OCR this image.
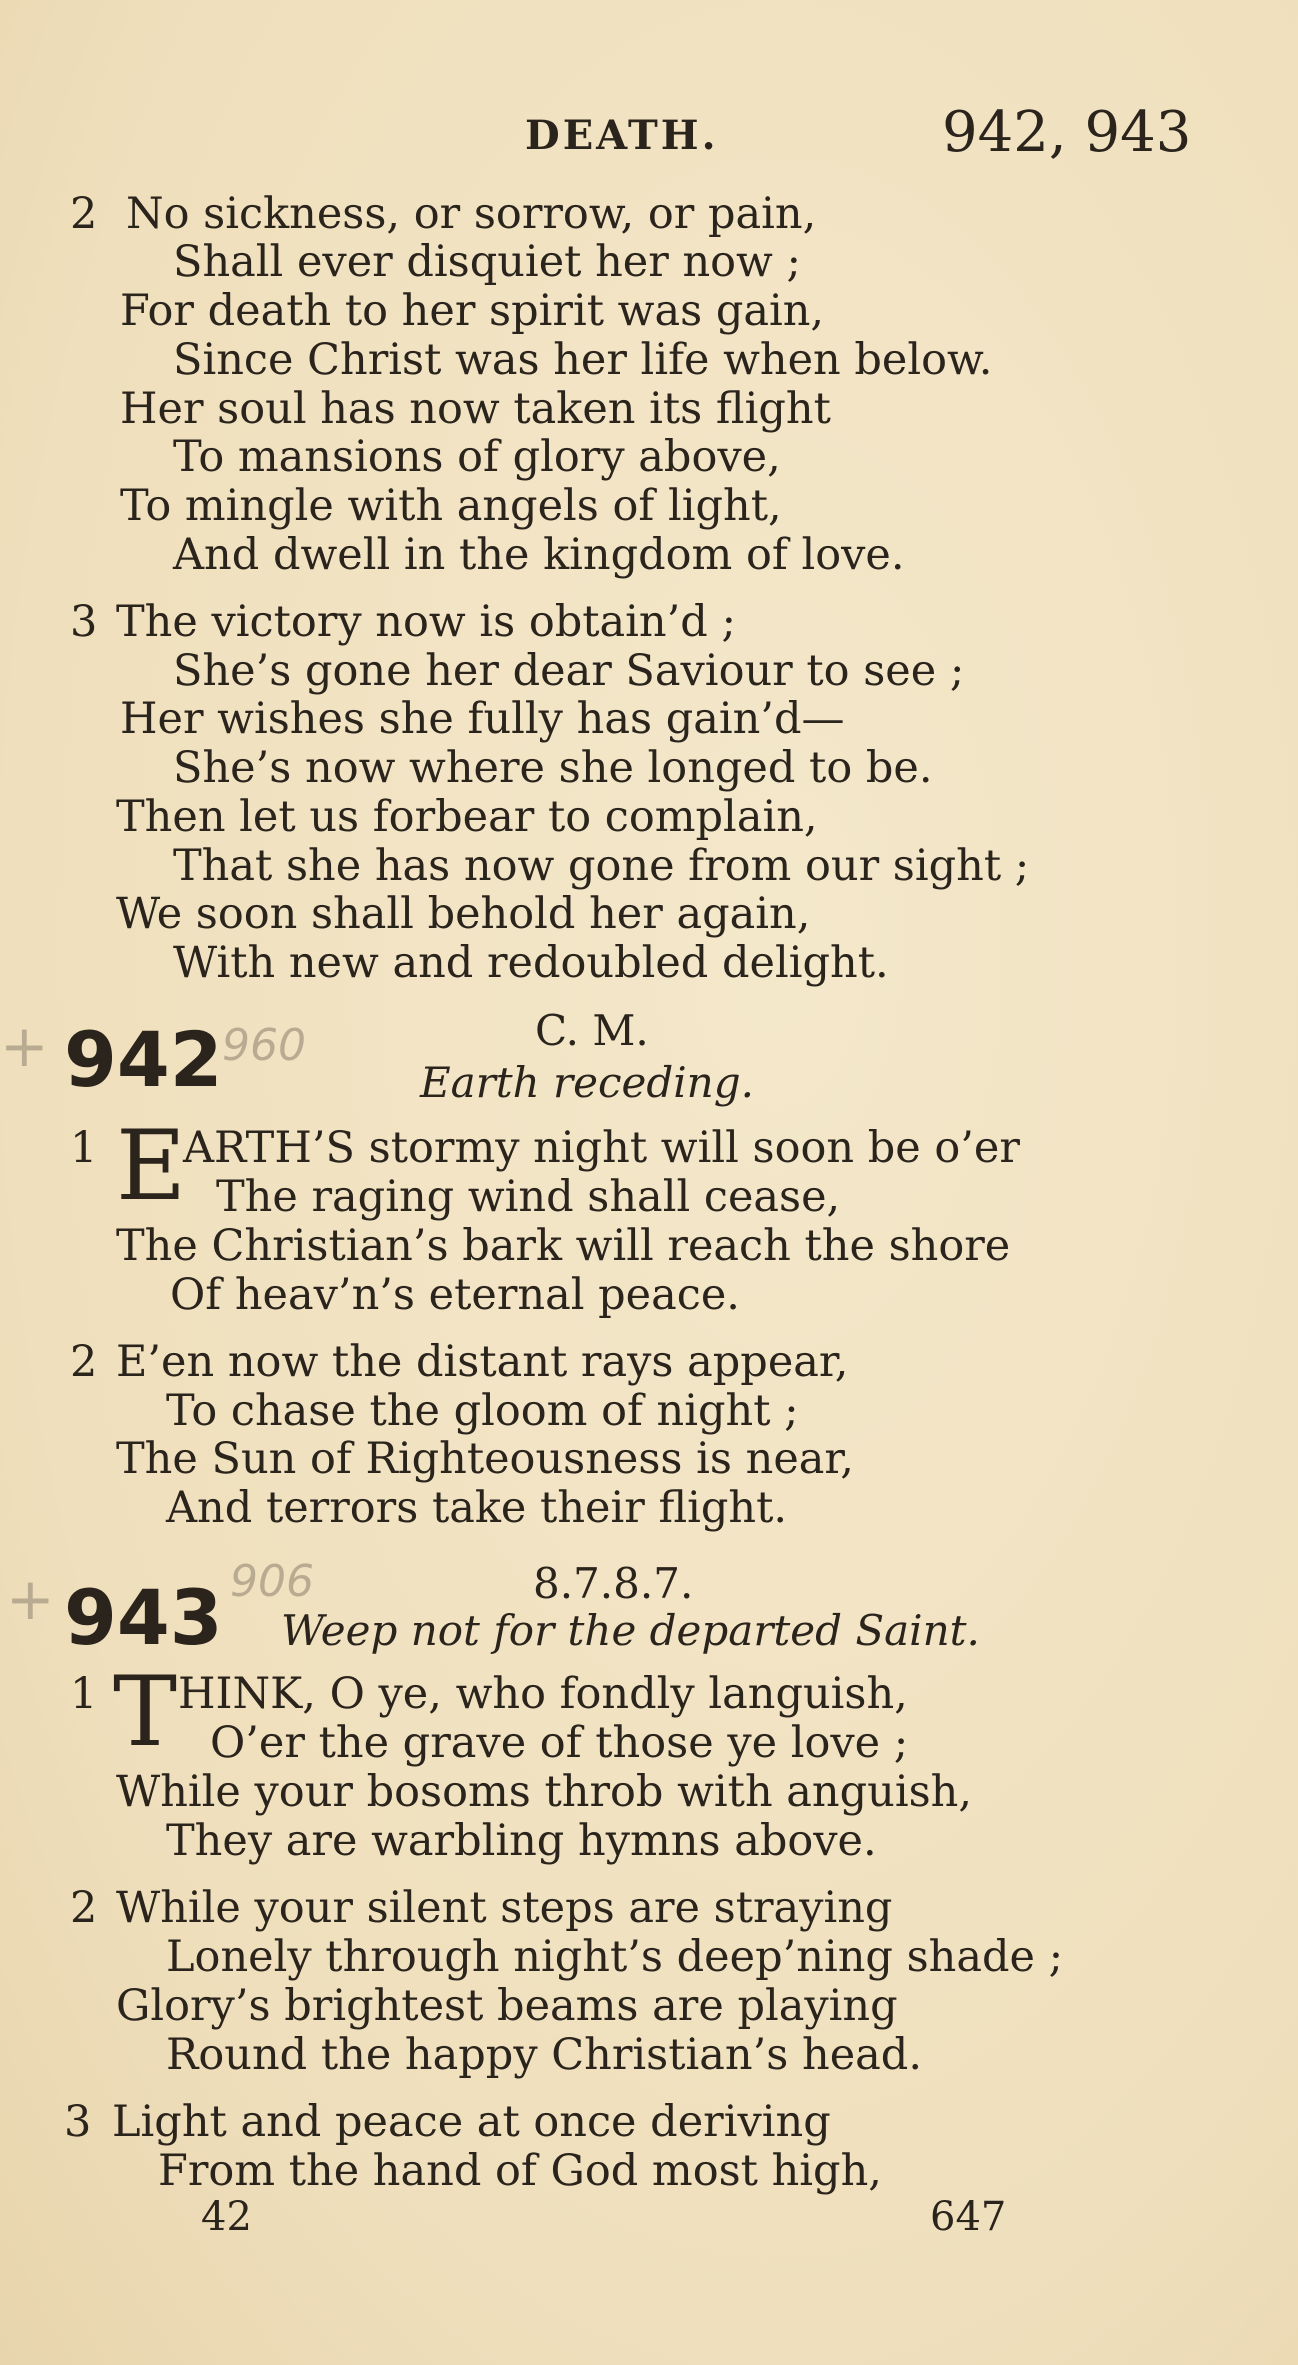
DEATH.	942, 943
2 No sickness, or sorrow, or pain,
Shall ever disquiet her now ;
For death to her spirit was gain,
Since Christ was her life when below.
Her soul has now taken its flight
To mansions of glory above,
To mingle with angels of light,
And dwell in the kingdom of love.
3 The victory now is obtain’d ;
She’s gone her dear Saviour to see ;
Her wishes she fully has gain’d—
She’s now where she longed to be.
Then let us forbear to complain,
That she has now gone from our sight ;
We soon shall behold her again,
With new and redoubled delight.
+ 942 960	C. M.
Earth receding.
1 E
ARTH’S stormy night will soon be o’er
The raging wind shall cease,
The Christian’s bark will reach the shore
Of heav’n’s eternal peace.
2 E’en now the distant rays appear,
To chase the gloom of night ;
The Sun of Righteousness is near,
And terrors take their flight.
+ 943 906	8.7.8.7.
Weep not for the departed Saint.
1 T HINK, O ye, who fondly languish,
O’er the grave of those ye love ;
While your bosoms throb with anguish,
They are warbling hymns above.
2 While your silent steps are straying
Lonely through night’s deep’ning shade ;
Glory’s brightest beams are playing
Round the happy Christian’s head.
3 Light and peace at once deriving
From the hand of God most high,
42	647
